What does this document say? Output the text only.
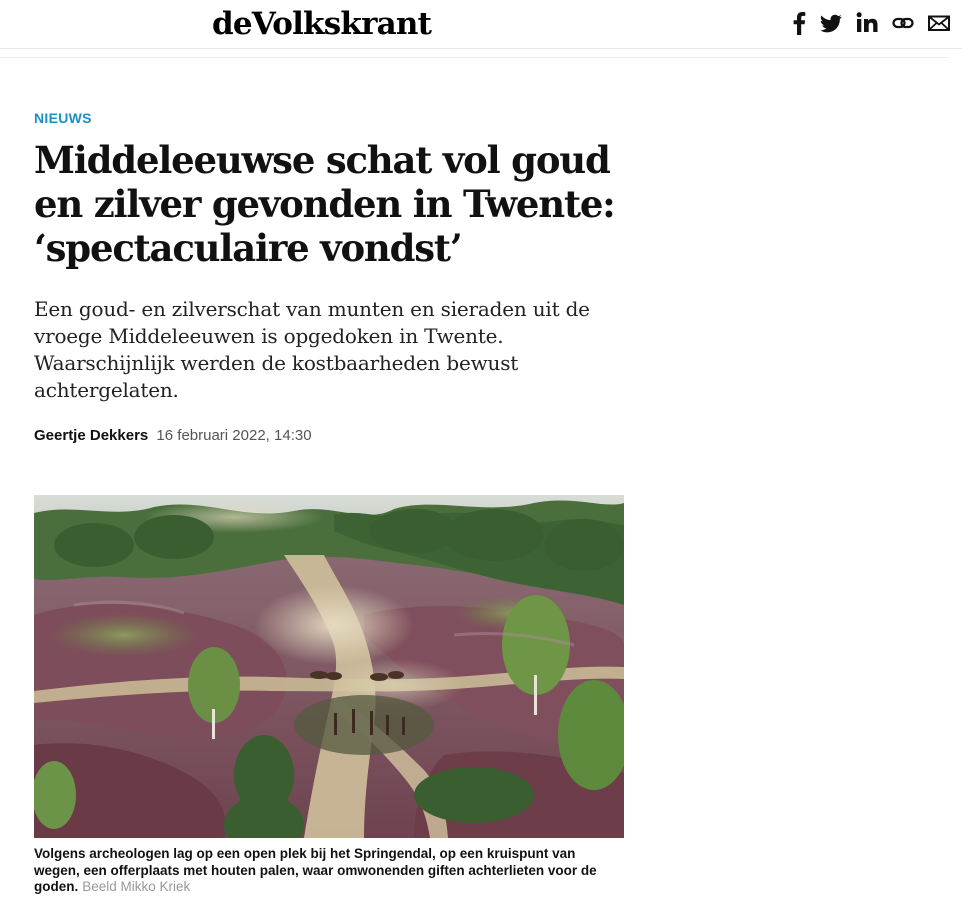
deVolkskrant
NIEUWS
Middeleeuwse schat vol goud
en zilver gevonden in Twente:
‘spectaculaire vondst’

Een goud- en zilverschat van munten en sieraden uit de vroege Middeleeuwen is opgedoken in Twente. Waarschijnlijk werden de kostbaarheden bewust achtergelaten.

Geertje Dekkers 16 februari 2022, 14:30

Volgens archeologen lag op een open plek bij het Springendal, op een kruispunt van wegen, een offerplaats met houten palen, waar omwonenden giften achterlieten voor de goden. Beeld Mikko Kriek
